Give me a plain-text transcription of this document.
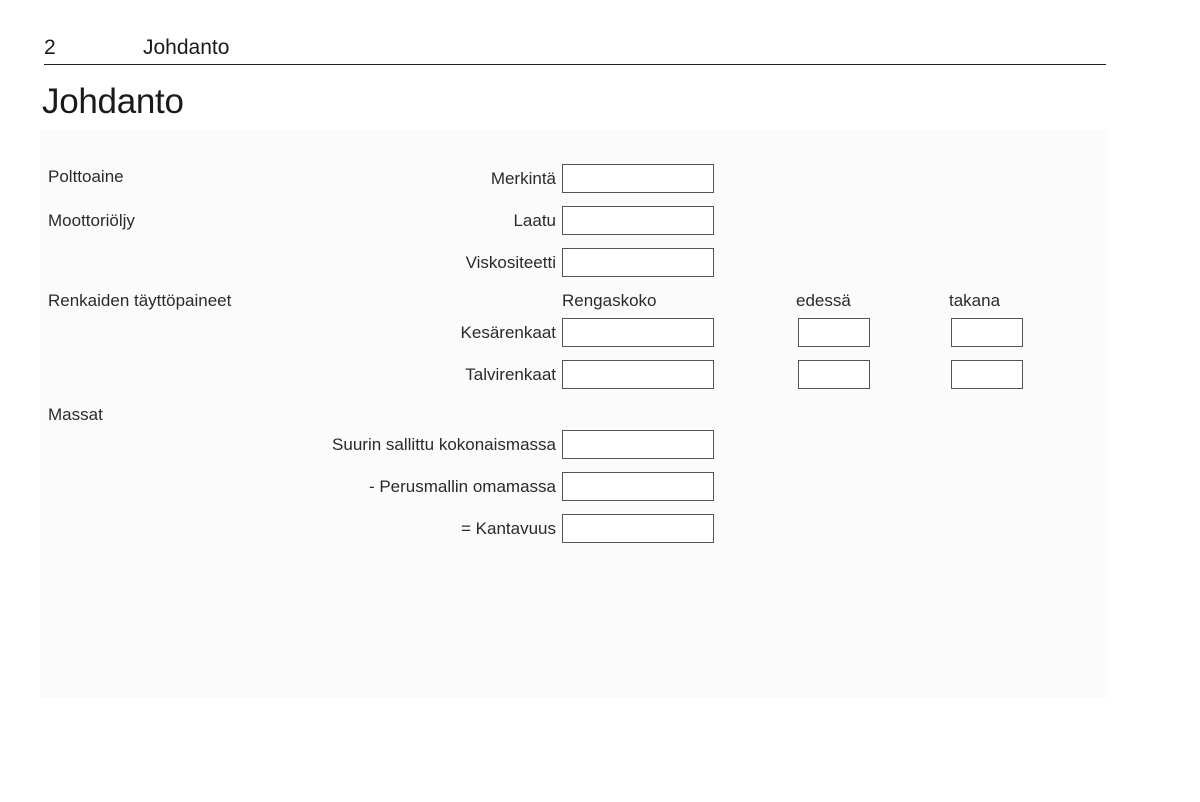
2	Johdanto
Johdanto
Polttoaine	Merkintä
Moottoriöljy	Laatu
Viskositeetti
Renkaiden täyttöpaineet	Rengaskoko	edessä	takana
Kesärenkaat
Talvirenkaat
Massat
Suurin sallittu kokonaismassa
- Perusmallin omamassa
= Kantavuus
